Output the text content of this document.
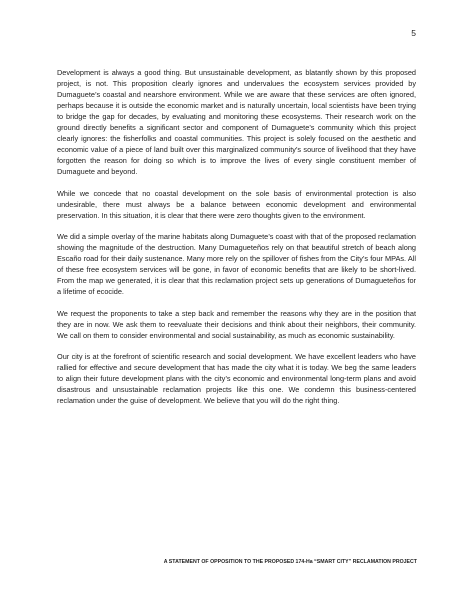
5

Development is always a good thing. But unsustainable development, as blatantly shown by this proposed project, is not. This proposition clearly ignores and undervalues the ecosystem services provided by Dumaguete’s coastal and nearshore environment. While we are aware that these services are often ignored, perhaps because it is outside the economic market and is naturally uncertain, local scientists have been trying to bridge the gap for decades, by evaluating and monitoring these ecosystems. Their research work on the ground directly benefits a significant sector and component of Dumaguete’s community which this project clearly ignores: the fisherfolks and coastal communities. This project is solely focused on the aesthetic and economic value of a piece of land built over this marginalized community’s source of livelihood that they have forgotten the reason for doing so which is to improve the lives of every single constituent member of Dumaguete and beyond.

While we concede that no coastal development on the sole basis of environmental protection is also undesirable, there must always be a balance between economic development and environmental preservation. In this situation, it is clear that there were zero thoughts given to the environment.

We did a simple overlay of the marine habitats along Dumaguete’s coast with that of the proposed reclamation showing the magnitude of the destruction. Many Dumagueteños rely on that beautiful stretch of beach along Escaño road for their daily sustenance. Many more rely on the spillover of fishes from the City’s four MPAs. All of these free ecosystem services will be gone, in favor of economic benefits that are likely to be short-lived. From the map we generated, it is clear that this reclamation project sets up generations of Dumagueteños for a lifetime of ecocide.

We request the proponents to take a step back and remember the reasons why they are in the position that they are in now. We ask them to reevaluate their decisions and think about their neighbors, their community. We call on them to consider environmental and social sustainability, as much as economic sustainability.

Our city is at the forefront of scientific research and social development. We have excellent leaders who have rallied for effective and secure development that has made the city what it is today. We beg the same leaders to align their future development plans with the city’s economic and environmental long-term plans and avoid disastrous and unsustainable reclamation projects like this one. We condemn this business-centered reclamation under the guise of development. We believe that you will do the right thing.

A STATEMENT OF OPPOSITION TO THE PROPOSED 174-Ha “SMART CITY” RECLAMATION PROJECT
